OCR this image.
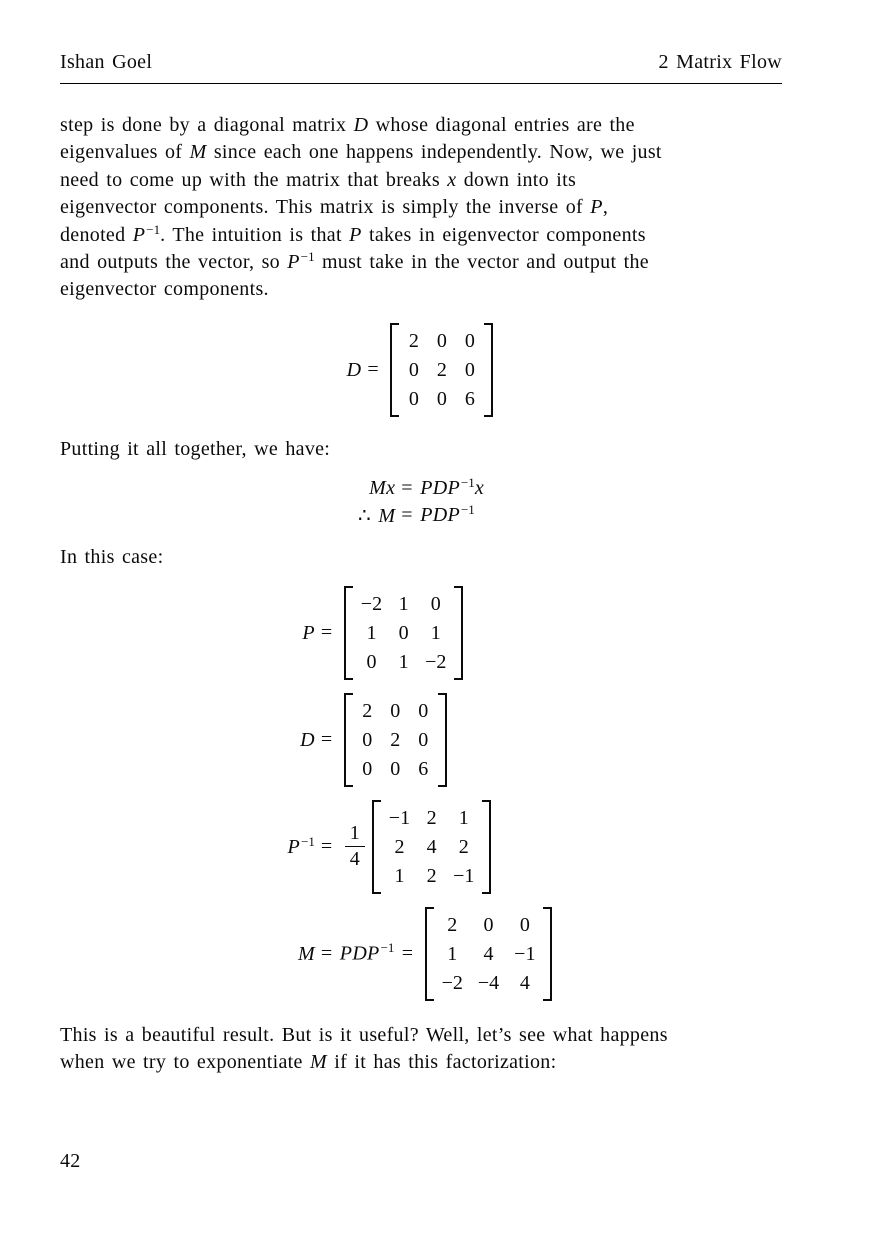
Ishan Goel	2 Matrix Flow
step is done by a diagonal matrix D whose diagonal entries are the
eigenvalues of M since each one happens independently. Now, we just
need to come up with the matrix that breaks x down into its
eigenvector components. This matrix is simply the inverse of P,
denoted $P^{-1}$. The intuition is that P takes in eigenvector components
and outputs the vector, so $P^{-1}$ must take in the vector and output the
eigenvector components.
D =
2 0 0
0 2 0
0 0 6
Putting it all together, we have:
$Mx = PDP^{-1}x$
∴ $M = PDP^{-1}$
In this case:
P =
−2 1 0
1 0 1
0 1 −2
D =
2 0 0
0 2 0
0 0 6
$P^{-1} = \frac{1}{4}$
−1 2 1
2 4 2
1 2 −1
$M = PDP^{-1}$ =
2 0 0
1 4 −1
−2 −4 4
This is a beautiful result. But is it useful? Well, let’s see what happens
when we try to exponentiate M if it has this factorization:
42
